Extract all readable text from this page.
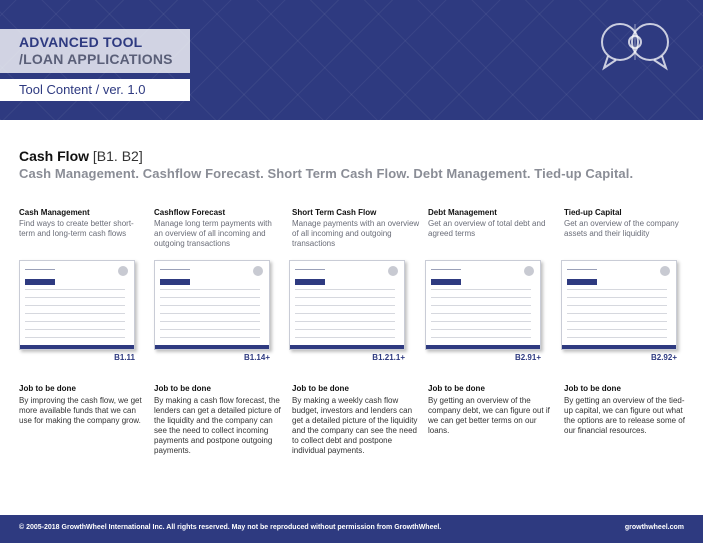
ADVANCED TOOL
/LOAN APPLICATIONS
Tool Content / ver. 1.0
Cash Flow [B1. B2]
Cash Management. Cashflow Forecast. Short Term Cash Flow. Debt Management. Tied-up Capital.
Cash Management
Find ways to create better short-term and long-term cash flows
B1.11
Job to be done
By improving the cash flow, we get more available funds that we can use for making the company grow.
Cashflow Forecast
Manage long term payments with an overview of all incoming and outgoing transactions
B1.14+
Job to be done
By making a cash flow forecast, the lenders can get a detailed picture of the liquidity and the company can see the need to collect incoming payments and postpone outgoing payments.
Short Term Cash Flow
Manage payments with an overview of all incoming and outgoing transactions
B1.21.1+
Job to be done
By making a weekly cash flow budget, investors and lenders can get a detailed picture of the liquidity and the company can see the need to collect debt and postpone individual payments.
Debt Management
Get an overview of total debt and agreed terms
B2.91+
Job to be done
By getting an overview of the company debt, we can figure out if we can get better terms on our loans.
Tied-up Capital
Get an overview of the company assets and their liquidity
B2.92+
Job to be done
By getting an overview of the tied-up capital, we can figure out what the options are to release some of our financial resources.
© 2005-2018 GrowthWheel International Inc. All rights reserved. May not be reproduced without permission from GrowthWheel.	growthwheel.com
